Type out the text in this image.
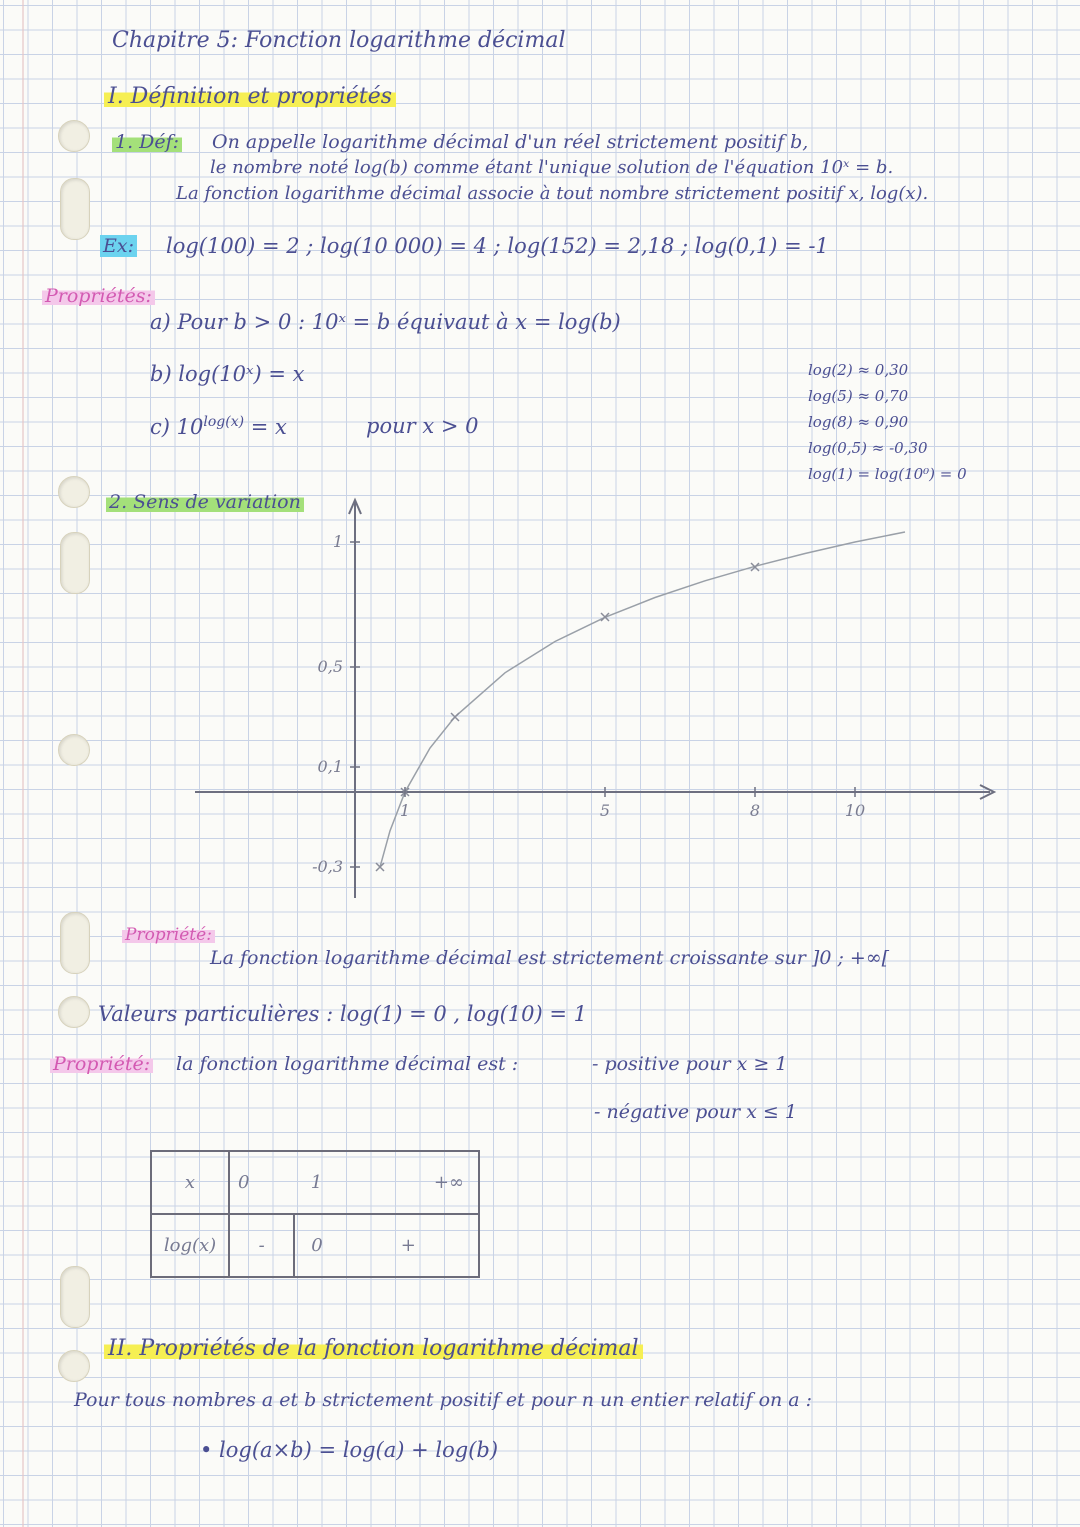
Chapitre 5: Fonction logarithme décimal
I. Définition et propriétés
1. Déf: On appelle logarithme décimal d'un réel strictement positif b,
le nombre noté log(b) comme étant l'unique solution de l'équation 10ˣ = b.
La fonction logarithme décimal associe à tout nombre strictement positif x, log(x).
Ex: log(100) = 2 ; log(10 000) = 4 ; log(152) = 2,18 ; log(0,1) = -1
Propriétés:
a) Pour b > 0 : 10ˣ = b équivaut à x = log(b)
b) log(10ˣ) = x
c) $10^{log(x)} = x$	pour x > 0
log(2) ≈ 0,30
log(5) ≈ 0,70
log(8) ≈ 0,90
log(0,5) ≈ -0,30
log(1) = log(10⁰) = 0
2. Sens de variation
1	5	8	10
1
0,5
0,1
-0,3
Propriété:
La fonction logarithme décimal est strictement croissante sur ]0 ; +∞[
Valeurs particulières : log(1) = 0 , log(10) = 1
Propriété: la fonction logarithme décimal est :	- positive pour x ≥ 1
- négative pour x ≤ 1
x	0	1	+∞
log(x)	-	0	+
II. Propriétés de la fonction logarithme décimal
Pour tous nombres a et b strictement positif et pour n un entier relatif on a :
• log(a×b) = log(a) + log(b)
